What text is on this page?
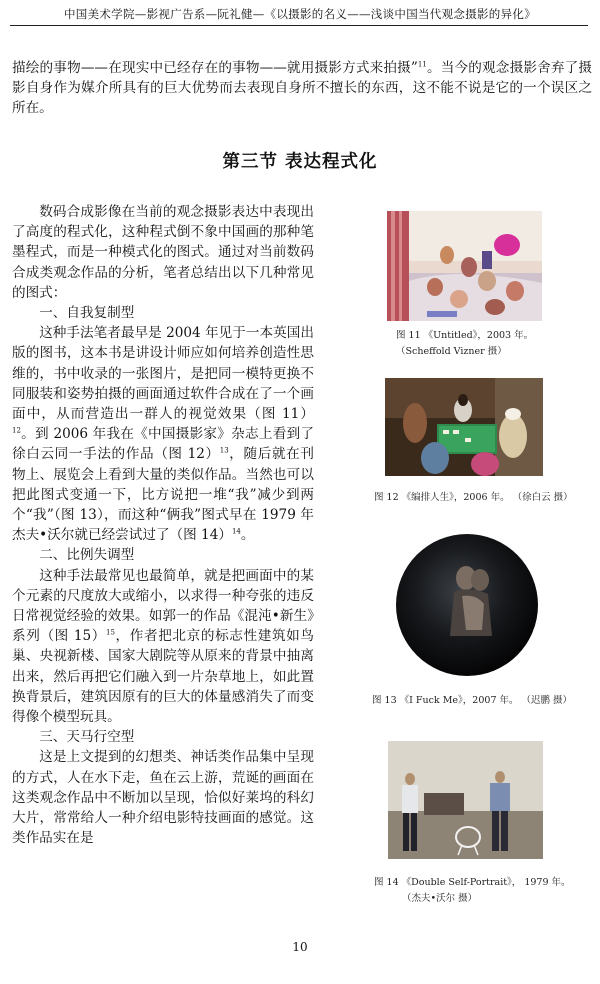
中国美术学院—影视广告系—阮礼健—《以摄影的名义——浅谈中国当代观念摄影的异化》

描绘的事物——在现实中已经存在的事物——就用摄影方式来拍摄”$^{11}$。当今的观念摄影舍弃了摄影自身作为媒介所具有的巨大优势而去表现自身所不擅长的东西，这不能不说是它的一个误区之所在。

第三节 表达程式化

数码合成影像在当前的观念摄影表达中表现出了高度的程式化，这种程式倒不象中国画的那种笔墨程式，而是一种模式化的图式。通过对当前数码合成类观念作品的分析，笔者总结出以下几种常见的图式：

一、自我复制型

这种手法笔者最早是 2004 年见于一本英国出版的图书，这本书是讲设计师应如何培养创造性思维的，书中收录的一张图片，是把同一模特更换不同服装和姿势拍摄的画面通过软件合成在了一个画面中，从而营造出一群人的视觉效果（图 11）$^{12}$。到 2006 年我在《中国摄影家》杂志上看到了徐白云同一手法的作品（图 12）$^{13}$，随后就在刊物上、展览会上看到大量的类似作品。当然也可以把此图式变通一下，比方说把一堆“我”减少到两个“我”（图 13），而这种“俩我”图式早在 1979 年杰夫•沃尔就已经尝试过了（图 14）$^{14}$。

二、比例失调型

这种手法最常见也最简单，就是把画面中的某个元素的尺度放大或缩小，以求得一种夸张的违反日常视觉经验的效果。如郭一的作品《混沌•新生》系列（图 15）$^{15}$，作者把北京的标志性建筑如鸟巢、央视新楼、国家大剧院等从原来的背景中抽离出来，然后再把它们融入到一片杂草地上，如此置换背景后，建筑因原有的巨大的体量感消失了而变得像个模型玩具。

三、天马行空型

这是上文提到的幻想类、神话类作品集中呈现的方式，人在水下走，鱼在云上游，荒诞的画面在这类观念作品中不断加以呈现，恰似好莱坞的科幻大片，常常给人一种介绍电影特技画面的感觉。这类作品实在是

图 11 《Untitled》，2003 年。
（Scheffold Vizner 摄）
图 12 《编排人生》，2006 年。 （徐白云 摄）
图 13 《I Fuck Me》，2007 年。 （迟鹏 摄）
图 14 《Double Self-Portrait》， 1979 年。
（杰夫•沃尔 摄）
10
